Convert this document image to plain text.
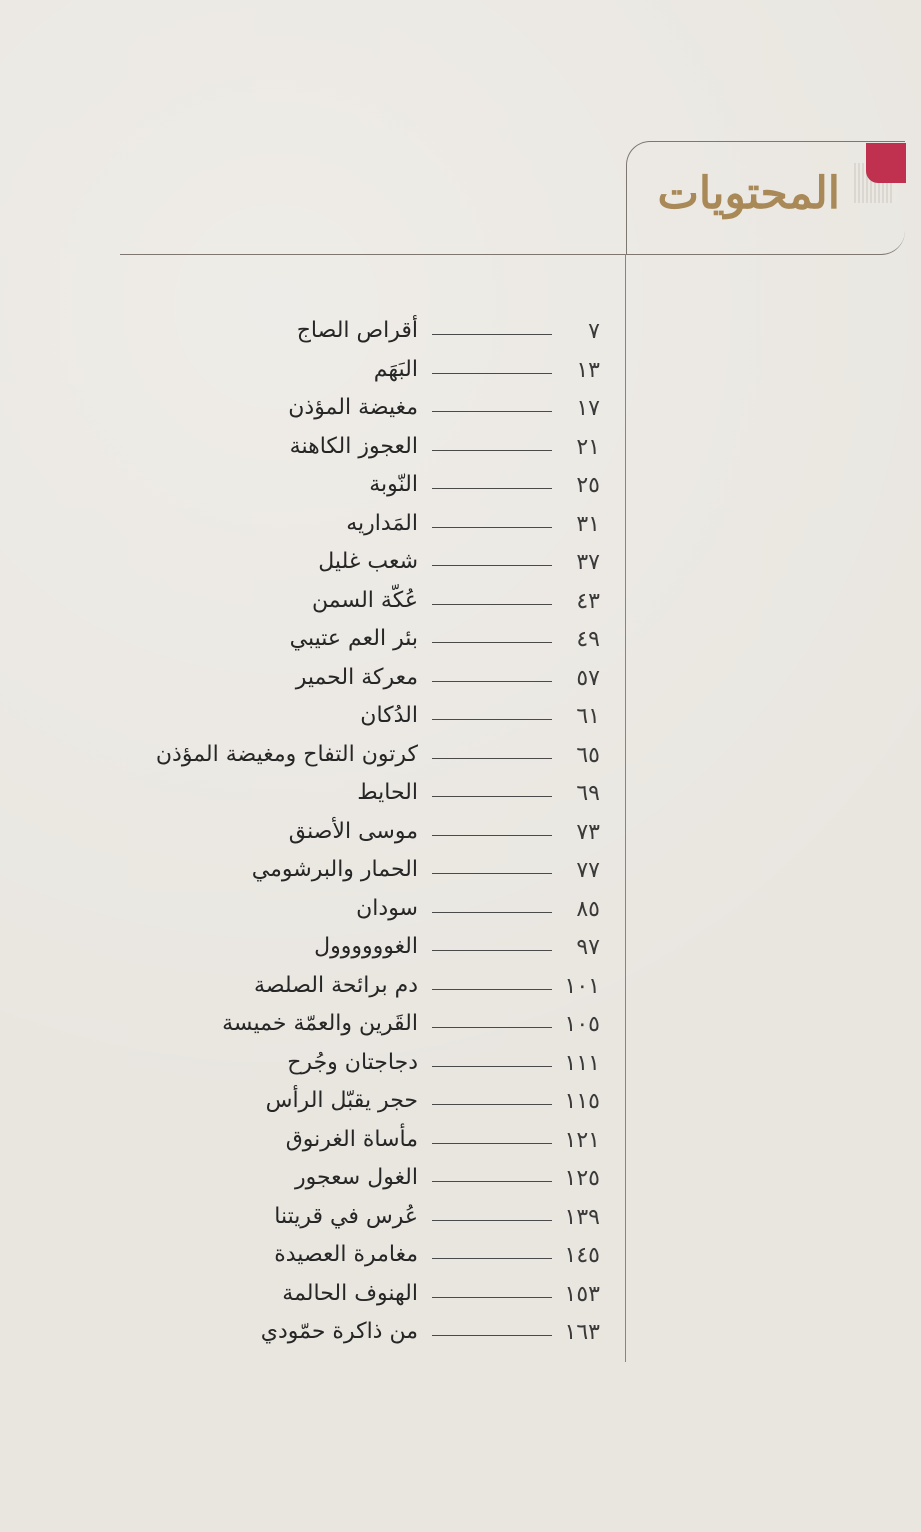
المحتويات
٧
أقراص الصاج
١٣
البَهَم
١٧
مغيضة المؤذن
٢١
العجوز الكاهنة
٢٥
النّوبة
٣١
المَداريه
٣٧
شعب غليل
٤٣
عُكّة السمن
٤٩
بئر العم عتيبي
٥٧
معركة الحمير
٦١
الدُكان
٦٥
كرتون التفاح ومغيضة المؤذن
٦٩
الحايط
٧٣
موسى الأصنق
٧٧
الحمار والبرشومي
٨٥
سودان
٩٧
الغوووووول
١٠١
دم برائحة الصلصة
١٠٥
القَرين والعمّة خميسة
١١١
دجاجتان وجُرح
١١٥
حجر يقبّل الرأس
١٢١
مأساة الغرنوق
١٢٥
الغول سعجور
١٣٩
عُرس في قريتنا
١٤٥
مغامرة العصيدة
١٥٣
الهنوف الحالمة
١٦٣
من ذاكرة حمّودي
